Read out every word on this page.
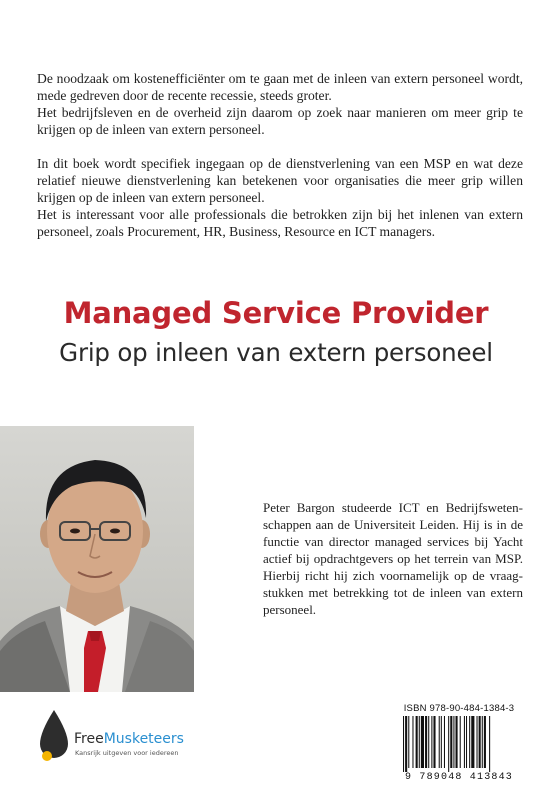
De noodzaak om kostenefficiënter om te gaan met de inleen van extern personeel wordt, mede gedreven door de recente recessie, steeds groter.

Het bedrijfsleven en de overheid zijn daarom op zoek naar manieren om meer grip te krijgen op de inleen van extern personeel.

In dit boek wordt specifiek ingegaan op de dienstverlening van een MSP en wat deze relatief nieuwe dienstverlening kan betekenen voor organisaties die meer grip willen krijgen op de inleen van extern personeel.

Het is interessant voor alle professionals die betrokken zijn bij het inlenen van extern personeel, zoals Procurement, HR, Business, Resource en ICT managers.

Managed Service Provider
Grip op inleen van extern personeel

Peter Bargon studeerde ICT en Bedrijfswetenschappen aan de Universiteit Leiden. Hij is in de functie van director managed services bij Yacht actief bij opdrachtgevers op het terrein van MSP. Hierbij richt hij zich voornamelijk op de vraagstukken met betrekking tot de inleen van extern personeel.

FreeMusketeers
Kansrijk uitgeven voor iedereen
ISBN 978-90-484-1384-3
9 789048 413843
